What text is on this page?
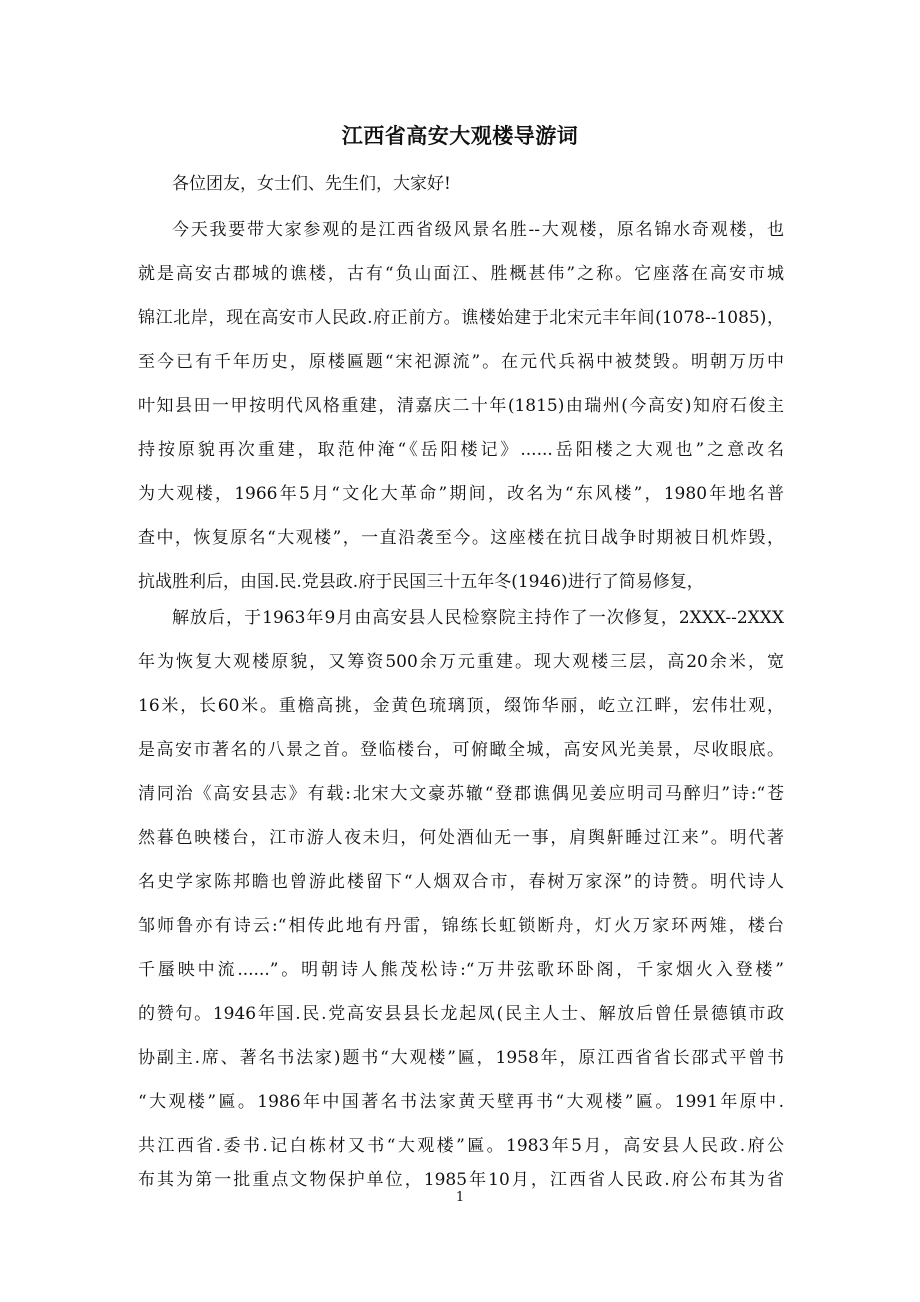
江西省高安大观楼导游词
各位团友，女士们、先生们，大家好!
今天我要带大家参观的是江西省级风景名胜--大观楼，原名锦水奇观楼，也
就是高安古郡城的谯楼，古有“负山面江、胜概甚伟”之称。它座落在高安市城
锦江北岸，现在高安市人民政.府正前方。谯楼始建于北宋元丰年间(1078--1085)，
至今已有千年历史，原楼匾题“宋祀源流”。在元代兵祸中被焚毁。明朝万历中
叶知县田一甲按明代风格重建，清嘉庆二十年(1815)由瑞州(今高安)知府石俊主
持按原貌再次重建，取范仲淹“《岳阳楼记》......岳阳楼之大观也”之意改名
为大观楼，1966年5月“文化大革命”期间，改名为“东风楼”，1980年地名普
查中，恢复原名“大观楼”，一直沿袭至今。这座楼在抗日战争时期被日机炸毁，
抗战胜利后，由国.民.党县政.府于民国三十五年冬(1946)进行了简易修复，
解放后，于1963年9月由高安县人民检察院主持作了一次修复，2XXX--2XXX
年为恢复大观楼原貌，又筹资500余万元重建。现大观楼三层，高20余米，宽
16米，长60米。重檐高挑，金黄色琉璃顶，缀饰华丽，屹立江畔，宏伟壮观，
是高安市著名的八景之首。登临楼台，可俯瞰全城，高安风光美景，尽收眼底。
清同治《高安县志》有载:北宋大文豪苏辙“登郡谯偶见姜应明司马醉归”诗:“苍
然暮色映楼台，江市游人夜未归，何处酒仙无一事，肩舆鼾睡过江来”。明代著
名史学家陈邦瞻也曾游此楼留下“人烟双合市，春树万家深”的诗赞。明代诗人
邹师鲁亦有诗云:“相传此地有丹雷，锦练长虹锁断舟，灯火万家环两雉，楼台
千蜃映中流......”。明朝诗人熊茂松诗:“万井弦歌环卧阁，千家烟火入登楼”
的赞句。1946年国.民.党高安县县长龙起凤(民主人士、解放后曾任景德镇市政
协副主.席、著名书法家)题书“大观楼”匾，1958年，原江西省省长邵式平曾书
“大观楼”匾。1986年中国著名书法家黄天壁再书“大观楼”匾。1991年原中.
共江西省.委书.记白栋材又书“大观楼”匾。1983年5月，高安县人民政.府公
布其为第一批重点文物保护单位，1985年10月，江西省人民政.府公布其为省
1
